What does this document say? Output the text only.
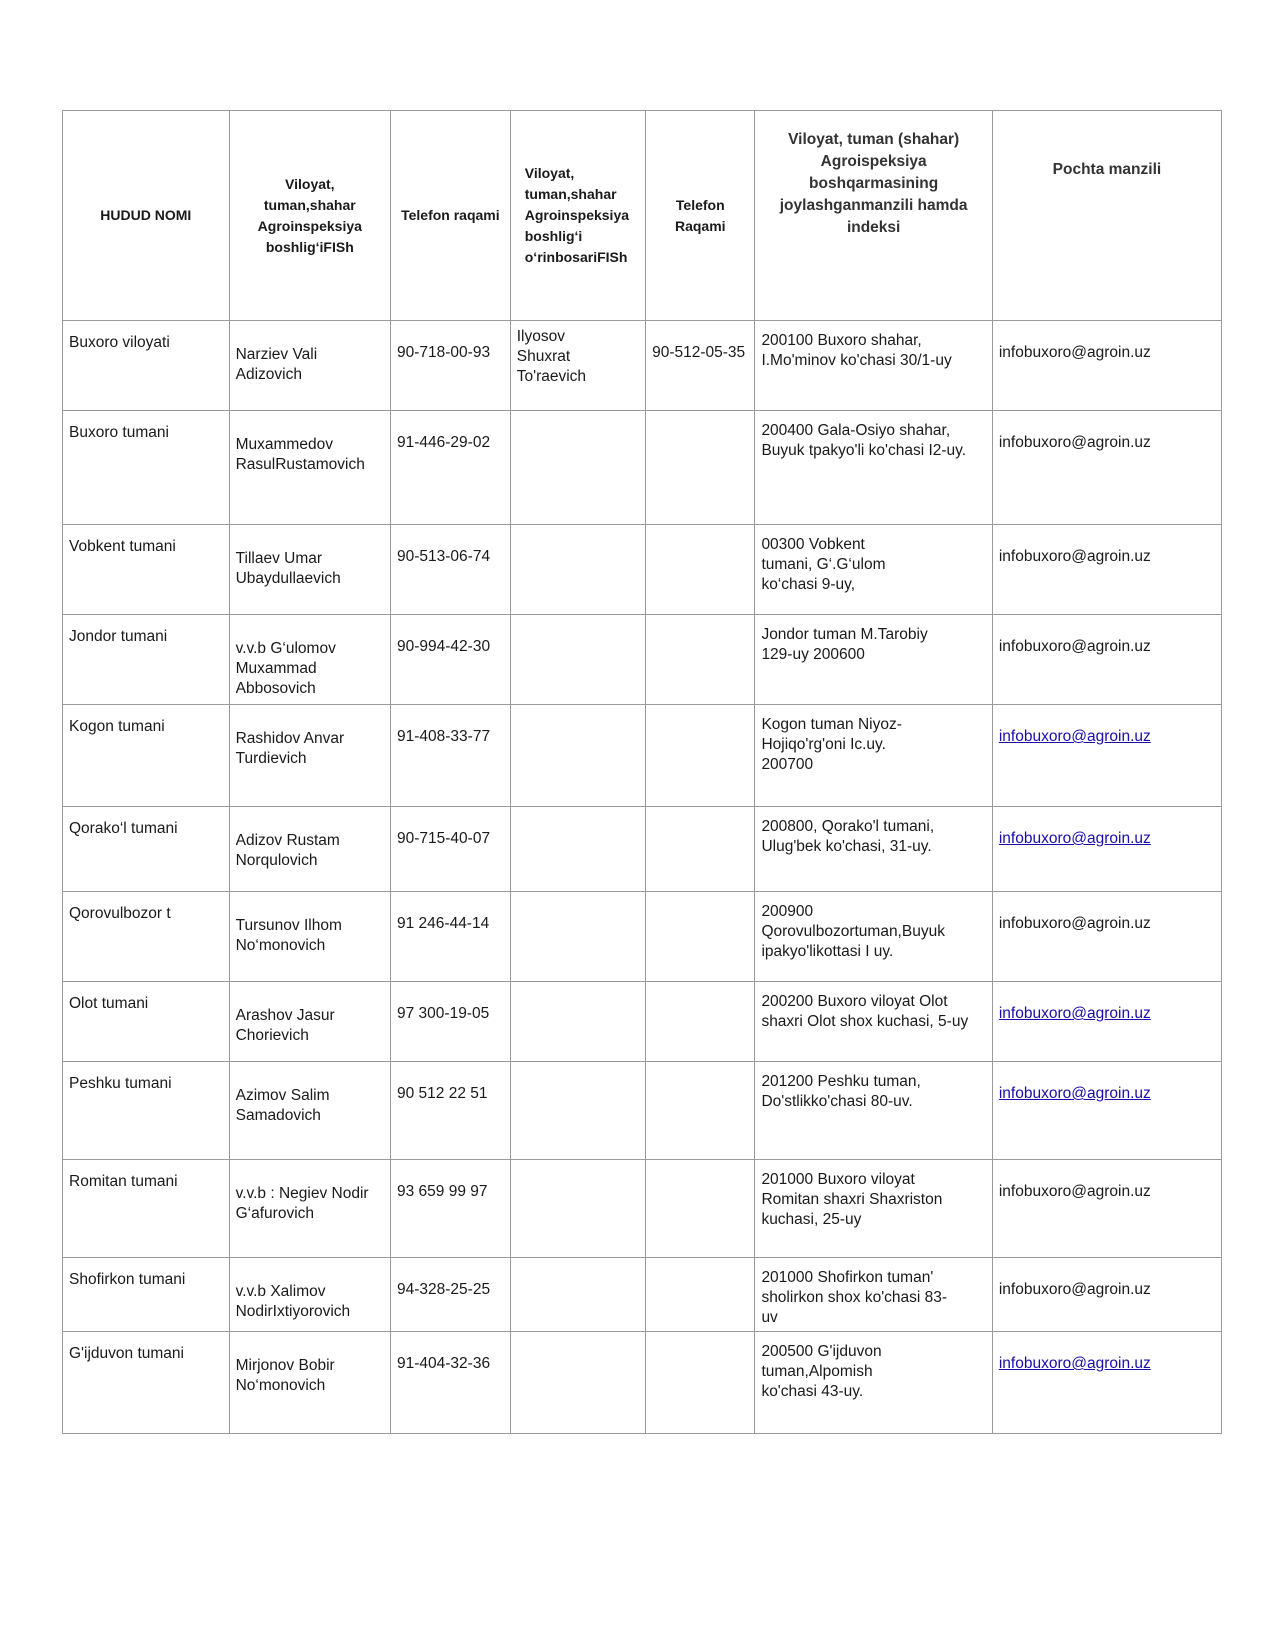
HUDUD NOMI	Viloyat,
tuman,shahar
Agroinspeksiya
boshlig‘iFISh	Telefon raqami	Viloyat,
tuman,shahar
Agroinspeksiya
boshlig‘i
o‘rinbosariFISh	Telefon
Raqami	Viloyat, tuman (shahar)
Agroispeksiya
boshqarmasining
joylashganmanzili hamda
indeksi	Pochta manzili

Buxoro viloyati	Narziev Vali
Adizovich	90-718-00-93	Ilyosov
Shuxrat
To'raevich	90-512-05-35	200100 Buxoro shahar,
I.Mo'minov ko'chasi 30/1-uy	infobuxoro@agroin.uz

Buxoro tumani	Muxammedov
RasulRustamovich	91-446-29-02			200400 Gala-Osiyo shahar,
Buyuk tpakyo'li ko'chasi I2-uy.	infobuxoro@agroin.uz

Vobkent tumani	Tillaev Umar
Ubaydullaevich	90-513-06-74			00300 Vobkent
tumani, G‘.G‘ulom
ko‘chasi 9-uy,	infobuxoro@agroin.uz

Jondor tumani	v.v.b G‘ulomov
Muxammad
Abbosovich	90-994-42-30			Jondor tuman M.Tarobiy
129-uy 200600	infobuxoro@agroin.uz

Kogon tumani	Rashidov Anvar
Turdievich	91-408-33-77			Kogon tuman Niyoz-
Hojiqo'rg'oni Ic.uy.
200700	infobuxoro@agroin.uz

Qorako‘l tumani	Adizov Rustam
Norqulovich	90-715-40-07			200800, Qorako'l tumani,
Ulug'bek ko'chasi, 31-uy.	infobuxoro@agroin.uz

Qorovulbozor t	Tursunov Ilhom
No‘monovich	91 246-44-14			200900
Qorovulbozortuman,Buyuk
ipakyo'likottasi I uy.	infobuxoro@agroin.uz

Olot tumani	Arashov Jasur
Chorievich	97 300-19-05			200200 Buxoro viloyat Olot
shaxri Olot shox kuchasi, 5-uy	infobuxoro@agroin.uz

Peshku tumani	Azimov Salim
Samadovich	90 512 22 51			201200 Peshku tuman,
Do'stlikko'chasi 80-uv.	infobuxoro@agroin.uz

Romitan tumani	v.v.b : Negiev Nodir
G‘afurovich	93 659 99 97			201000 Buxoro viloyat
Romitan shaxri Shaxriston
kuchasi, 25-uy	infobuxoro@agroin.uz

Shofirkon tumani	v.v.b Xalimov
NodirIxtiyorovich	94-328-25-25			201000 Shofirkon tuman'
sholirkon shox ko'chasi 83-
uv	infobuxoro@agroin.uz

G'ijduvon tumani	Mirjonov Bobir
No‘monovich	91-404-32-36			200500 G'ijduvon
tuman,Alpomish
ko'chasi 43-uy.	infobuxoro@agroin.uz
